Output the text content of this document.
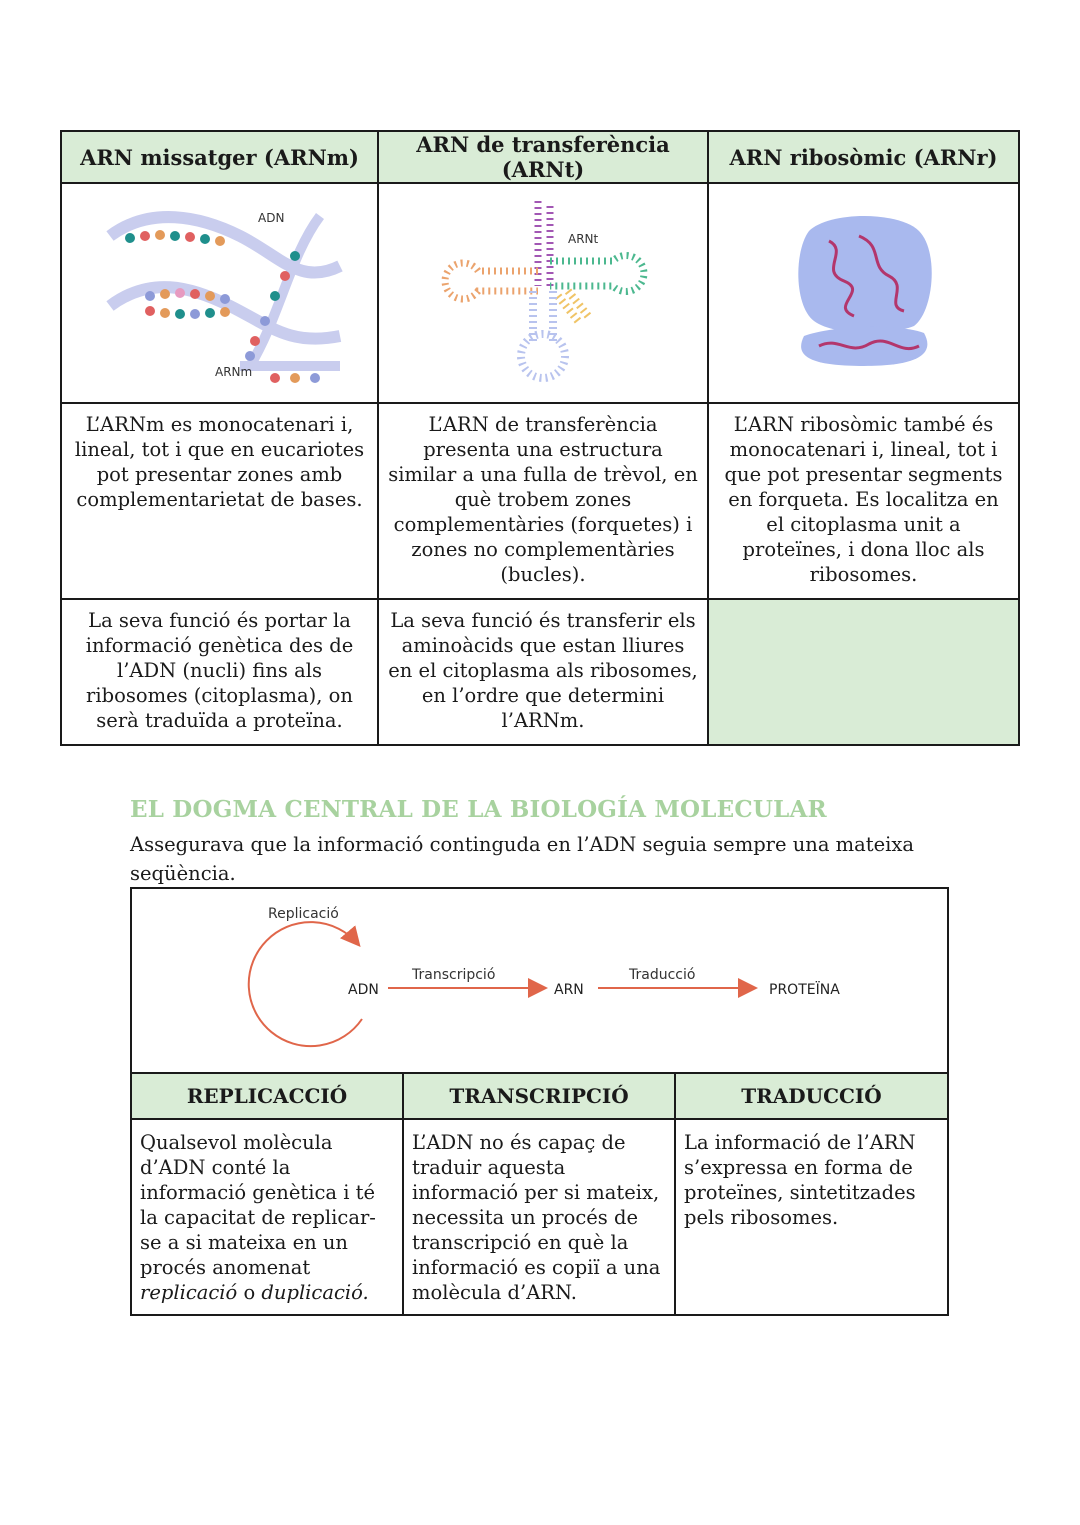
ARN missatger (ARNm)	ARN de transferència (ARNt)	ARN ribosòmic (ARNr)

ADN
ARNm	ARNt

L’ARNm es monocatenari i, lineal, tot i que en eucariotes pot presentar zones amb complementarietat de bases.	L’ARN de transferència presenta una estructura similar a una fulla de trèvol, en què trobem zones complementàries (forquetes) i zones no complementàries (bucles).	L’ARN ribosòmic també és monocatenari i, lineal, tot i que pot presentar segments en forqueta. Es localitza en el citoplasma unit a proteïnes, i dona lloc als ribosomes.

La seva funció és portar la informació genètica des de l’ADN (nucli) fins als ribosomes (citoplasma), on serà traduïda a proteïna.	La seva funció és transferir els aminoàcids que estan lliures en el citoplasma als ribosomes, en l’ordre que determini l’ARNm.	

EL DOGMA CENTRAL DE LA BIOLOGÍA MOLECULAR
Assegurava que la informació continguda en l’ADN seguia sempre una mateixa seqüència.
Replicació
ADN
Transcripció
ARN
Traducció
PROTEÏNA
REPLICACCIÓ	TRANSCRIPCIÓ	TRADUCCIÓ

Qualsevol molècula d’ADN conté la informació genètica i té la capacitat de replicar-se a si mateixa en un procés anomenat replicació o duplicació.	L’ADN no és capaç de traduir aquesta informació per si mateix, necessita un procés de transcripció en què la informació es copiï a una molècula d’ARN.	La informació de l’ARN s’expressa en forma de proteïnes, sintetitzades pels ribosomes.
